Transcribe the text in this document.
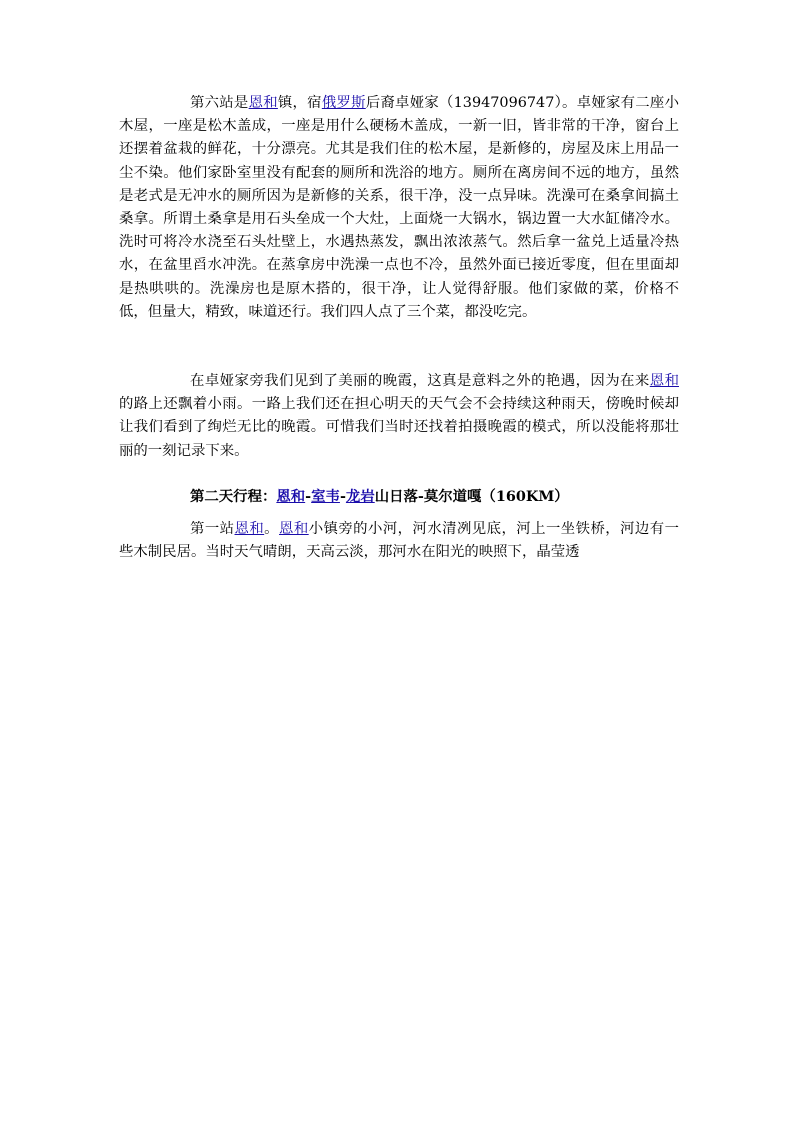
第六站是恩和镇，宿俄罗斯后裔卓娅家（13947096747）。卓娅家有二座小木屋，一座是松木盖成，一座是用什么硬杨木盖成，一新一旧，皆非常的干净，窗台上还摆着盆栽的鲜花，十分漂亮。尤其是我们住的松木屋，是新修的，房屋及床上用品一尘不染。他们家卧室里没有配套的厕所和洗浴的地方。厕所在离房间不远的地方，虽然是老式是无冲水的厕所因为是新修的关系，很干净，没一点异味。洗澡可在桑拿间搞土桑拿。所谓土桑拿是用石头垒成一个大灶，上面烧一大锅水，锅边置一大水缸储冷水。洗时可将冷水浇至石头灶壁上，水遇热蒸发，飘出浓浓蒸气。然后拿一盆兑上适量冷热水，在盆里舀水冲洗。在蒸拿房中洗澡一点也不冷，虽然外面已接近零度，但在里面却是热哄哄的。洗澡房也是原木搭的，很干净，让人觉得舒服。他们家做的菜，价格不低，但量大，精致，味道还行。我们四人点了三个菜，都没吃完。

在卓娅家旁我们见到了美丽的晚霞，这真是意料之外的艳遇，因为在来恩和的路上还飘着小雨。一路上我们还在担心明天的天气会不会持续这种雨天，傍晚时候却让我们看到了绚烂无比的晚霞。可惜我们当时还找着拍摄晚霞的模式，所以没能将那壮丽的一刻记录下来。

第二天行程：恩和-室韦-龙岩山日落-莫尔道嘎（160KM）

第一站恩和。恩和小镇旁的小河，河水清冽见底，河上一坐铁桥，河边有一些木制民居。当时天气晴朗，天高云淡，那河水在阳光的映照下，晶莹透
